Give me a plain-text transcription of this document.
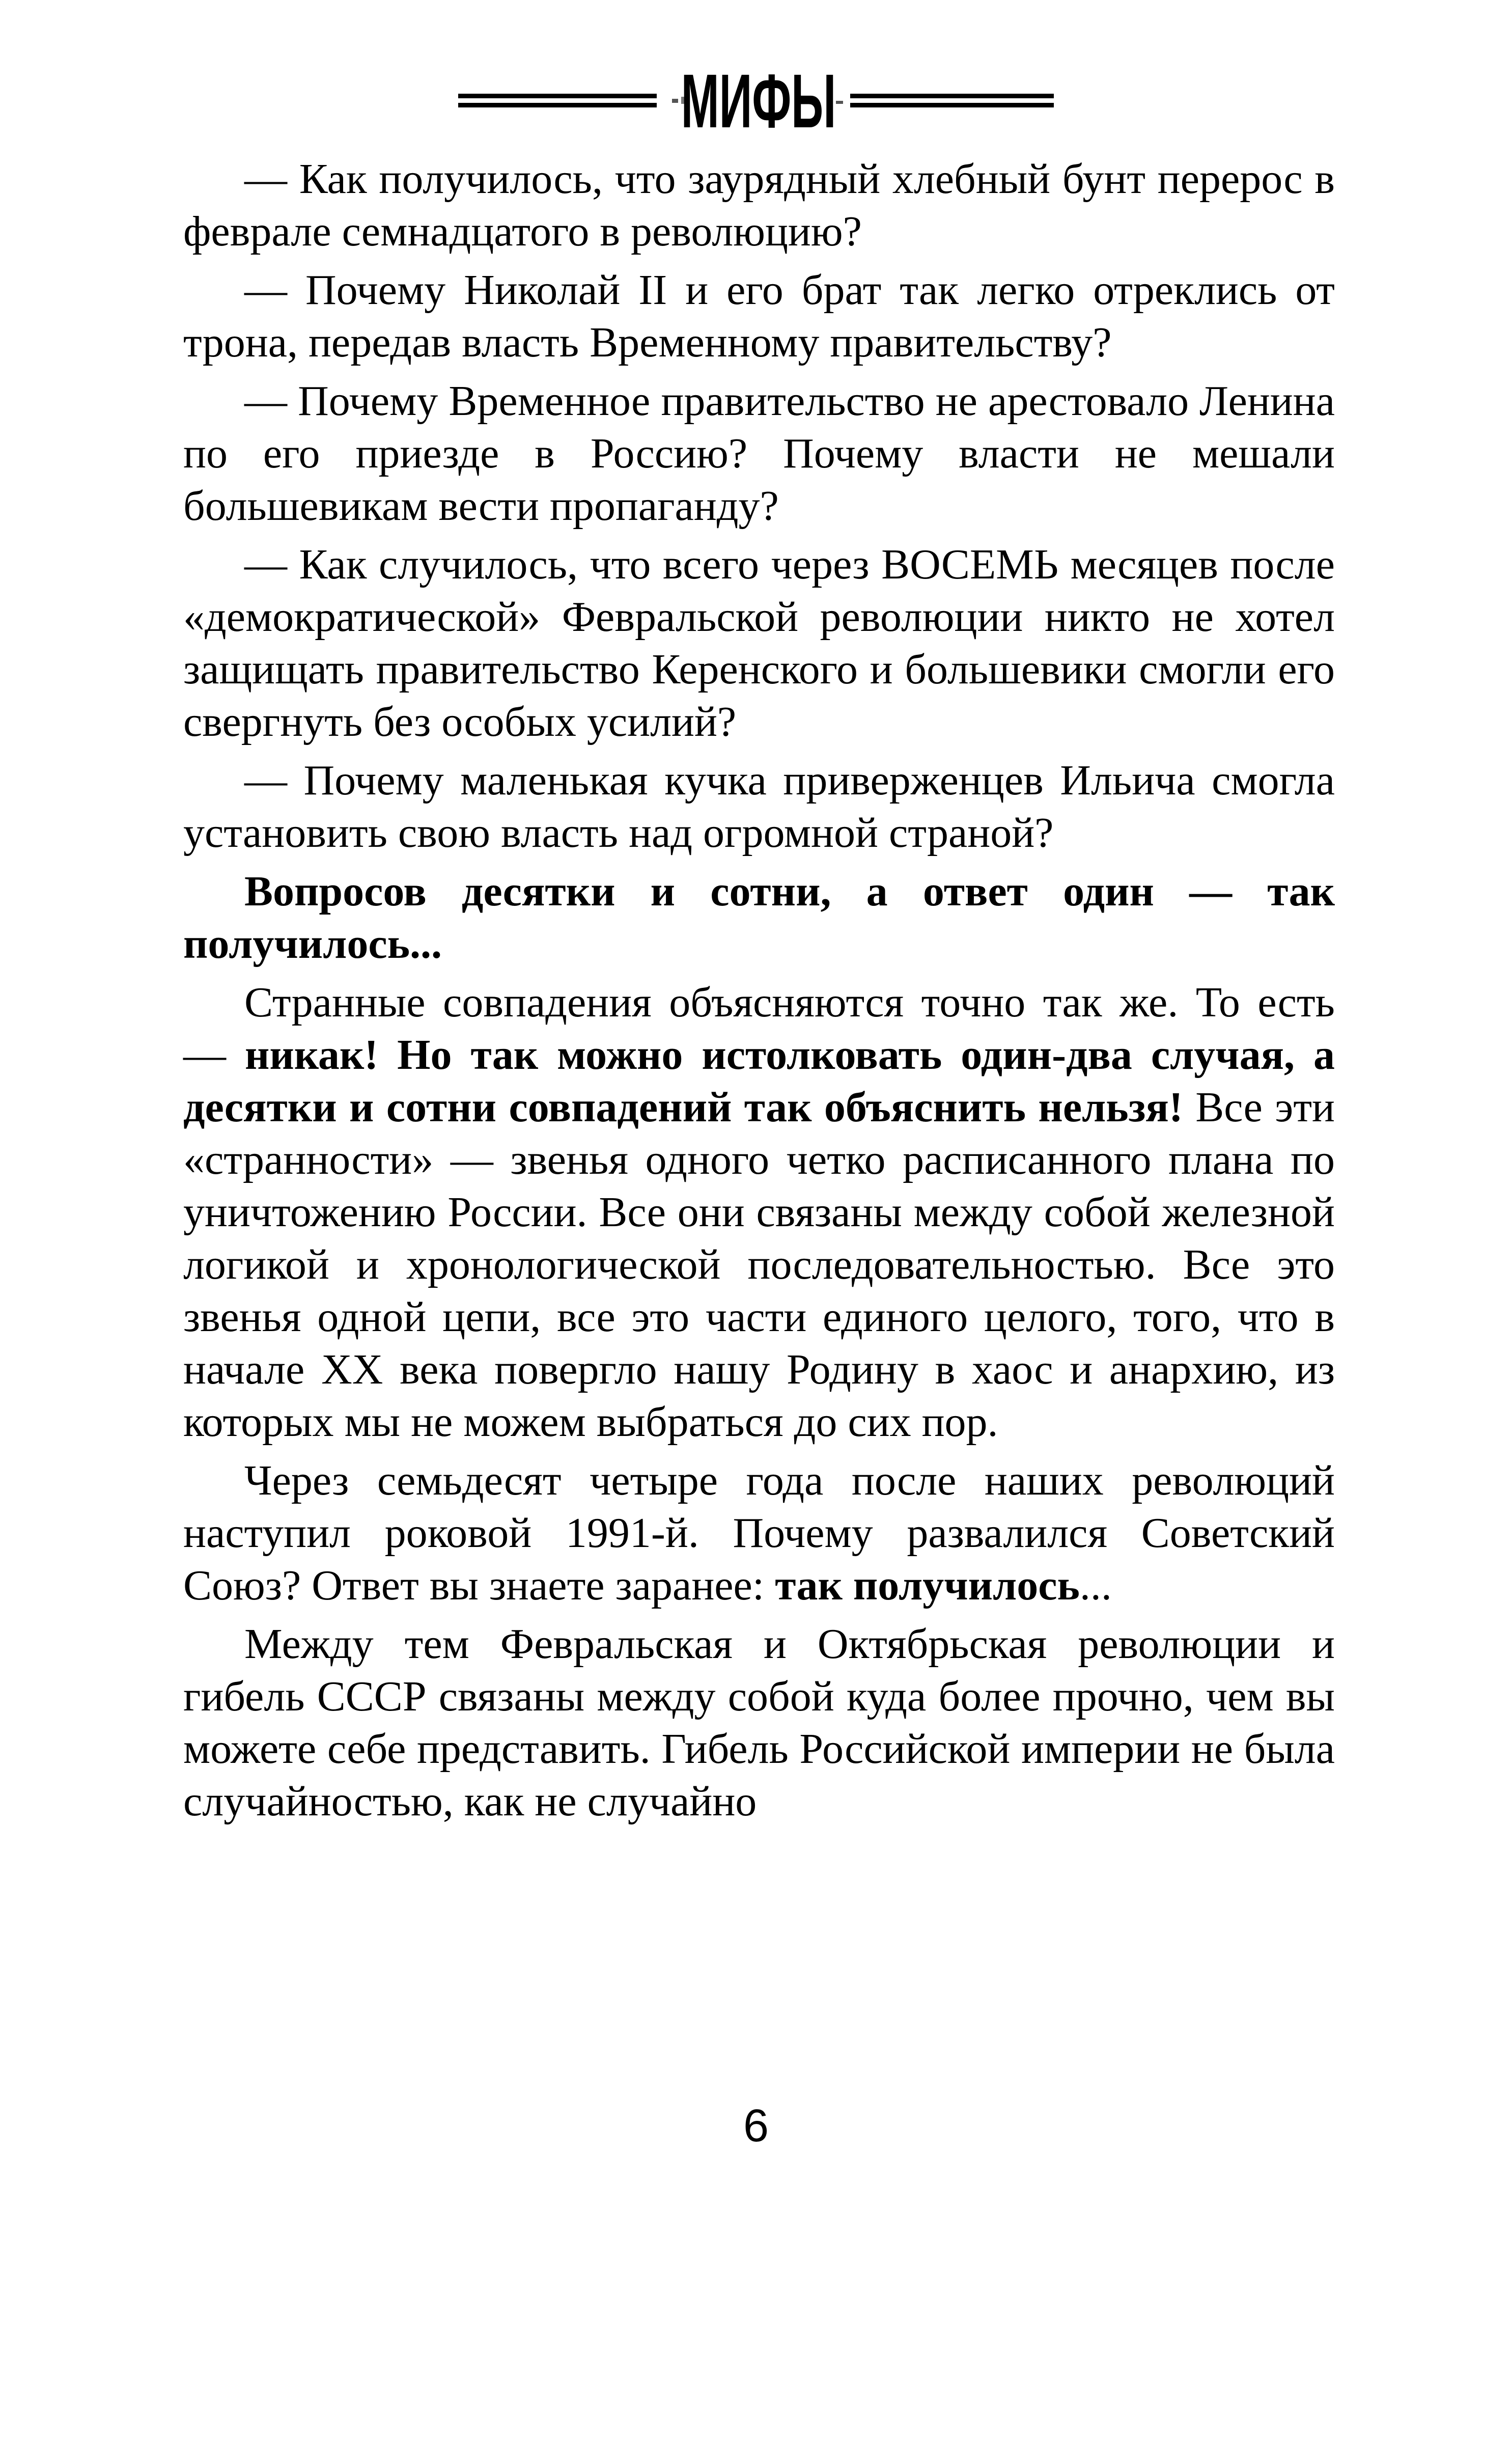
МИФЫ

— Как получилось, что заурядный хлебный бунт перерос в феврале семнадцатого в революцию?

— Почему Николай II и его брат так легко отреклись от трона, передав власть Временному правительству?

— Почему Временное правительство не арестовало Ленина по его приезде в Россию? Почему власти не мешали большевикам вести пропаганду?

— Как случилось, что всего через ВОСЕМЬ месяцев после «демократической» Февральской революции никто не хотел защищать правительство Керенского и большевики смогли его свергнуть без особых усилий?

— Почему маленькая кучка приверженцев Ильича смогла установить свою власть над огромной страной?

Вопросов десятки и сотни, а ответ один — так получилось...

Странные совпадения объясняются точно так же. То есть — никак! Но так можно истолковать один-два случая, а десятки и сотни совпадений так объяснить нельзя! Все эти «странности» — звенья одного четко расписанного плана по уничтожению России. Все они связаны между собой железной логикой и хронологической последовательностью. Все это звенья одной цепи, все это части единого целого, того, что в начале XX века повергло нашу Родину в хаос и анархию, из которых мы не можем выбраться до сих пор.

Через семьдесят четыре года после наших революций наступил роковой 1991-й. Почему развалился Советский Союз? Ответ вы знаете заранее: так получилось...

Между тем Февральская и Октябрьская революции и гибель СССР связаны между собой куда более прочно, чем вы можете себе представить. Гибель Российской империи не была случайностью, как не случайно

6
